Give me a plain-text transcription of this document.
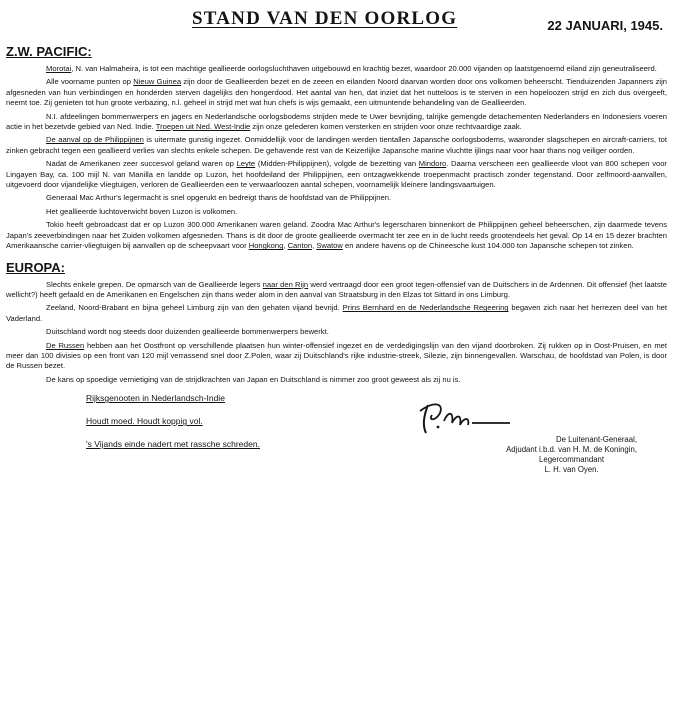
STAND VAN DEN OORLOG	22 JANUARI, 1945.
Z.W. PACIFIC:

Morotai, N. van Halmaheira, is tot een machtige geallieerde oorlogsluchthaven uitgebouwd en krachtig bezet, waardoor 20.000 vijanden op laatstgenoemd eiland zijn geneutraliseerd.

Alle voorname punten op Nieuw Guinea zijn door de Geallieerden bezet en de zeeen en eilanden Noord daarvan worden door ons volkomen beheerscht. Tienduizenden Japanners zijn afgesneden van hun verbindingen en honderden sterven dagelijks den hongerdood. Het aantal van hen, dat inziet dat het nutteloos is te sterven in een hopeloozen strijd en zich dus overgeeft, neemt toe. Zij genieten tot hun groote verbazing, n.l. geheel in strijd met wat hun chefs is wijs gemaakt, een uitmuntende behandeling van de Geallieerden.

N.I. afdeelingen bommenwerpers en jagers en Nederlandsche oorlogsbodems strijden mede te Uwer bevrijding, talrijke gemengde detachementen Nederlanders en Indonesiers voeren actie in het bezetvde gebied van Ned. Indie. Troepen uit Ned. West-Indie zijn onze gelederen komen versterken en strijden voor onze rechtvaardige zaak.

De aanval op de Philippijnen is uitermate gunstig ingezet. Onmiddellijk voor de landingen werden tientallen Japansche oorlogsbodems, waaronder slagschepen en aircraft-carriers, tot zinken gebracht tegen een geallieerd verlies van slechts enkele schepen. De gehavende rest van de Keizerlijke Japansche marine vluchtte ijlings naar voor haar thans nog veiliger oorden.

Nadat de Amerikanen zeer succesvol geland waren op Leyte (Midden-Philippijnen), volgde de bezetting van Mindoro. Daarna verscheen een geallieerde vloot van 800 schepen voor Lingayen Bay, ca. 100 mijl N. van Manilla en landde op Luzon, het hoofdeiland der Philippijnen, een ontzagwekkende troepenmacht practisch zonder tegenstand. Door zelfmoord-aanvallen, uitgevoerd door vijandelijke vliegtuigen, verloren de Geallieerden een te verwaarloozen aantal schepen, voornamelijk kleinere landingsvaartuigen.

Generaal Mac Arthur's legermacht is snel opgerukt en bedreigt thans de hoofdstad van de Philippijnen.

Het geallieerde luchtoverwicht boven Luzon is volkomen.

Tokio heeft gebroadcast dat er op Luzon 300.000 Amerikanen waren geland. Zoodra Mac Arthur's legerscharen binnenkort de Philippijnen geheel beheerschen, zijn daarmede tevens Japan's zeeverbindingen naar het Zuiden volkomen afgesneden. Thans is dit door de groote geallieerde overmacht ter zee en in de lucht reeds grootendeels het geval. Op 14 en 15 dezer brachten Amerikaansche carrier-vliegtuigen bij aanvallen op de scheepvaart voor Hongkong, Canton, Swatow en andere havens op de Chineesche kust 104.000 ton Japansche schepen tot zinken.

EUROPA:

Slechts enkele grepen. De opmarsch van de Geallieerde legers naar den Rijn werd vertraagd door een groot tegen-offensief van de Duitschers in de Ardennen. Dit offensief (het laatste wellicht?) heeft gefaald en de Amerikanen en Engelschen zijn thans weder alom in den aanval van Straatsburg in den Elzas tot Sittard in ons Limburg.

Zeeland, Noord-Brabant en bijna geheel Limburg zijn van den gehaten vijand bevrijd. Prins Bernhard en de Nederlandsche Regeering begaven zich naar het herrezen deel van het Vaderland.

Duitschland wordt nog steeds door duizenden geallieerde bommenwerpers bewerkt.

De Russen hebben aan het Oostfront op verschillende plaatsen hun winter-offensief ingezet en de verdedigingslijn van den vijand doorbroken. Zij rukken op in Oost-Pruisen, en met meer dan 100 divisies op een front van 120 mijl verrassend snel door Z.Polen, waar zij Duitschland's rijke industrie-streek, Silezie, zijn binnengevallen. Warschau, de hoofdstad van Polen, is door de Russen bezet.

De kans op spoedige vernietiging van de strijdkrachten van Japan en Duitschland is nimmer zoo groot geweest als zij nu is.

Rijksgenooten in Nederlandsch-Indie
Houdt moed. Houdt koppig vol.
's Vijands einde nadert met rassche schreden.	De Luitenant-Generaal,
Adjudant i.b.d. van H. M. de Koningin,
Legercommandant
L. H. van Oyen.
